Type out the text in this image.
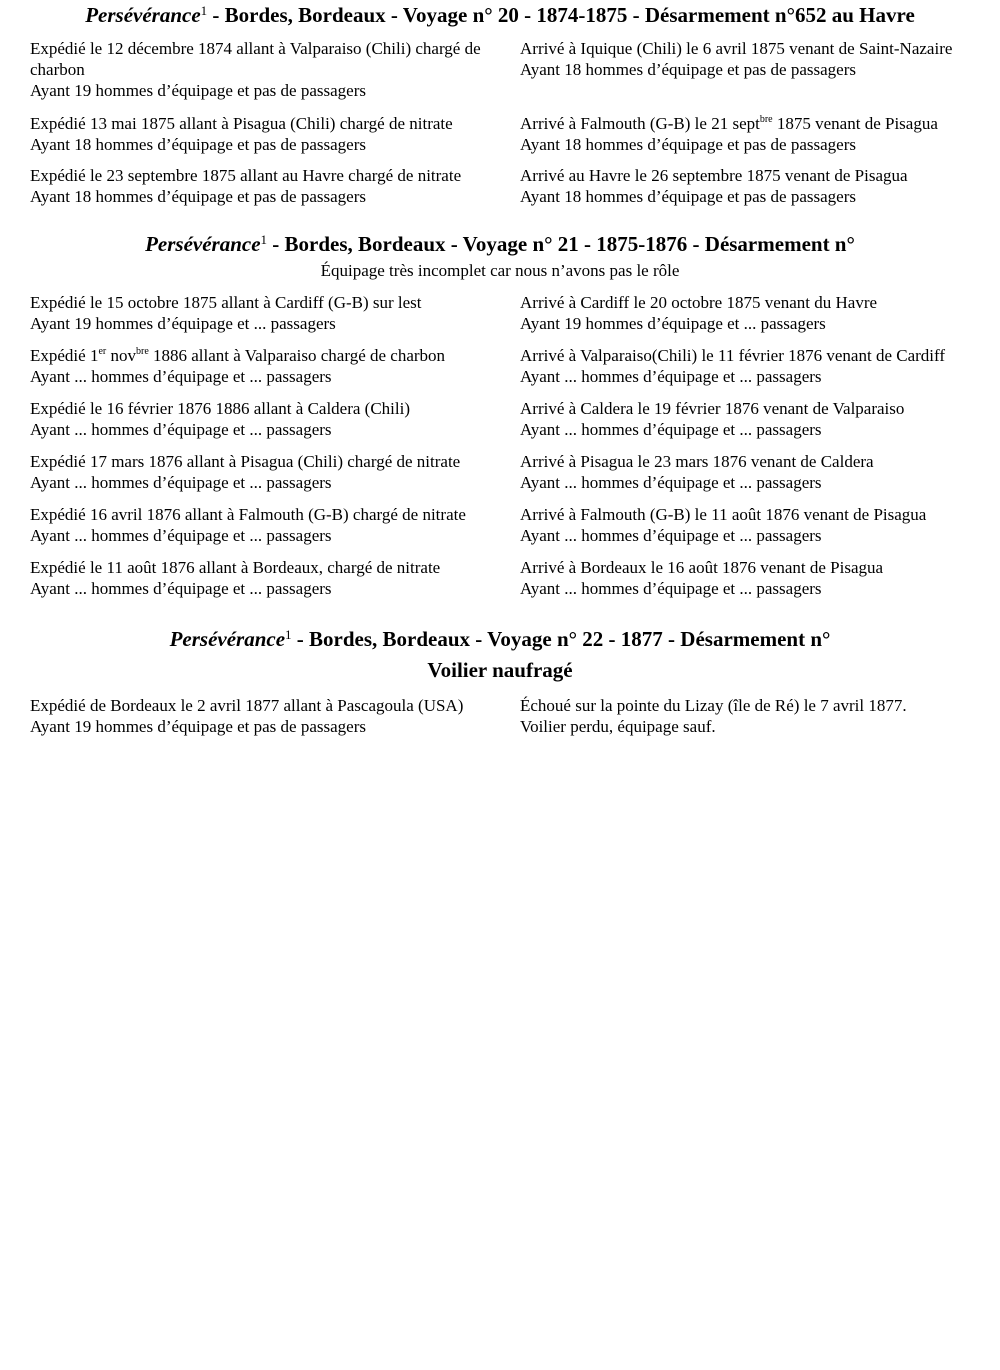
Persévérance$^1$ - Bordes, Bordeaux - Voyage n° 20 - 1874-1875 - Désarmement n°652 au Havre
Expédié le 12 décembre 1874 allant à Valparaiso (Chili) chargé de charbon
Ayant 19 hommes d’équipage et pas de passagers
Arrivé à Iquique (Chili) le 6 avril 1875 venant de Saint-Nazaire
Ayant 18 hommes d’équipage et pas de passagers
Expédié 13 mai 1875 allant à Pisagua (Chili) chargé de nitrate
Ayant 18 hommes d’équipage et pas de passagers
Arrivé à Falmouth (G-B) le 21 sept$^{bre}$ 1875 venant de Pisagua
Ayant 18 hommes d’équipage et pas de passagers
Expédié le 23 septembre 1875 allant au Havre chargé de nitrate
Ayant 18 hommes d’équipage et pas de passagers
Arrivé au Havre le 26 septembre 1875 venant de Pisagua
Ayant 18 hommes d’équipage et pas de passagers
Persévérance$^1$ - Bordes, Bordeaux - Voyage n° 21 - 1875-1876 - Désarmement n°

Équipage très incomplet car nous n’avons pas le rôle

Expédié le 15 octobre 1875 allant à Cardiff (G-B) sur lest
Ayant 19 hommes d’équipage et ... passagers
Arrivé à Cardiff le 20 octobre 1875 venant du Havre
Ayant 19 hommes d’équipage et ... passagers
Expédié 1er nov$^{bre}$ 1886 allant à Valparaiso chargé de charbon
Ayant ... hommes d’équipage et ... passagers
Arrivé à Valparaiso(Chili) le 11 février 1876 venant de Cardiff
Ayant ... hommes d’équipage et ... passagers
Expédié le 16 février 1876 1886 allant à Caldera (Chili)
Ayant ... hommes d’équipage et ... passagers
Arrivé à Caldera le 19 février 1876 venant de Valparaiso
Ayant ... hommes d’équipage et ... passagers
Expédié 17 mars 1876 allant à Pisagua (Chili) chargé de nitrate
Ayant ... hommes d’équipage et ... passagers
Arrivé à Pisagua le 23 mars 1876 venant de Caldera
Ayant ... hommes d’équipage et ... passagers
Expédié 16 avril 1876 allant à Falmouth (G-B) chargé de nitrate
Ayant ... hommes d’équipage et ... passagers
Arrivé à Falmouth (G-B) le 11 août 1876 venant de Pisagua
Ayant ... hommes d’équipage et ... passagers
Expédié le 11 août 1876 allant à Bordeaux, chargé de nitrate
Ayant ... hommes d’équipage et ... passagers
Arrivé à Bordeaux le 16 août 1876 venant de Pisagua
Ayant ... hommes d’équipage et ... passagers
Persévérance$^1$ - Bordes, Bordeaux - Voyage n° 22 - 1877 - Désarmement n°

Voilier naufragé

Expédié de Bordeaux le 2 avril 1877 allant à Pascagoula (USA)
Ayant 19 hommes d’équipage et pas de passagers
Échoué sur la pointe du Lizay (île de Ré) le 7 avril 1877.
Voilier perdu, équipage sauf.
